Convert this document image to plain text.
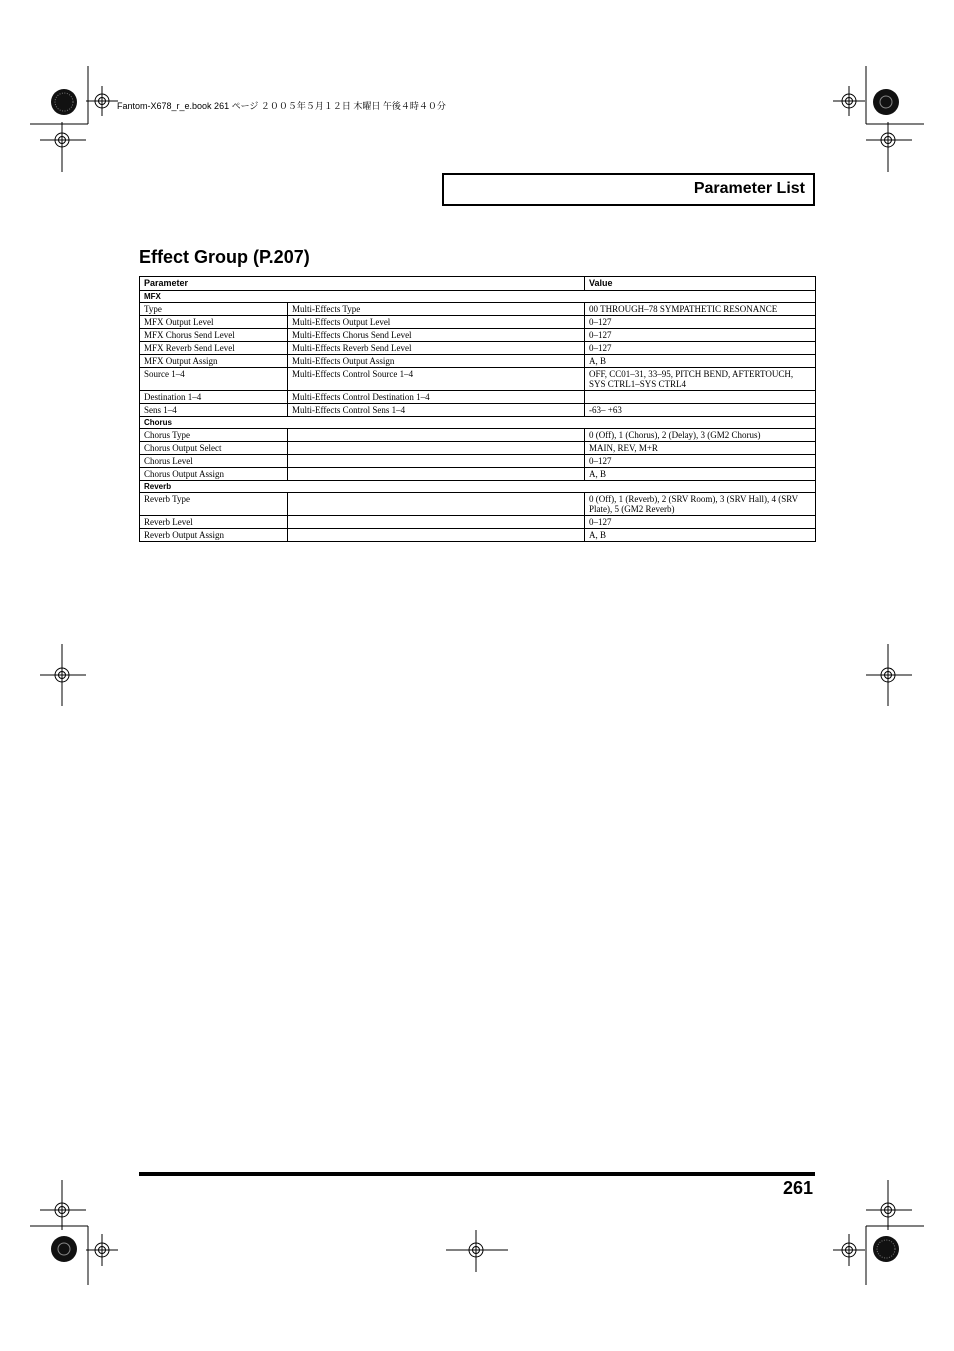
Fantom-X678_r_e.book 261 ページ ２００５年５月１２日 木曜日 午後４時４０分
Parameter List
Effect Group (P.207)
Parameter		Value
MFX		
Type	Multi-Effects Type	00 THROUGH–78 SYMPATHETIC RESONANCE
MFX Output Level	Multi-Effects Output Level	0–127
MFX Chorus Send Level	Multi-Effects Chorus Send Level	0–127
MFX Reverb Send Level	Multi-Effects Reverb Send Level	0–127
MFX Output Assign	Multi-Effects Output Assign	A, B
Source 1–4	Multi-Effects Control Source 1–4	OFF, CC01–31, 33–95, PITCH BEND, AFTERTOUCH, SYS CTRL1–SYS CTRL4
Destination 1–4	Multi-Effects Control Destination 1–4	
Sens 1–4	Multi-Effects Control Sens 1–4	-63– +63
Chorus		
Chorus Type		0 (Off), 1 (Chorus), 2 (Delay), 3 (GM2 Chorus)
Chorus Output Select		MAIN, REV, M+R
Chorus Level		0–127
Chorus Output Assign		A, B
Reverb		
Reverb Type		0 (Off), 1 (Reverb), 2 (SRV Room), 3 (SRV Hall), 4 (SRV Plate), 5 (GM2 Reverb)
Reverb Level		0–127
Reverb Output Assign		A, B
261
